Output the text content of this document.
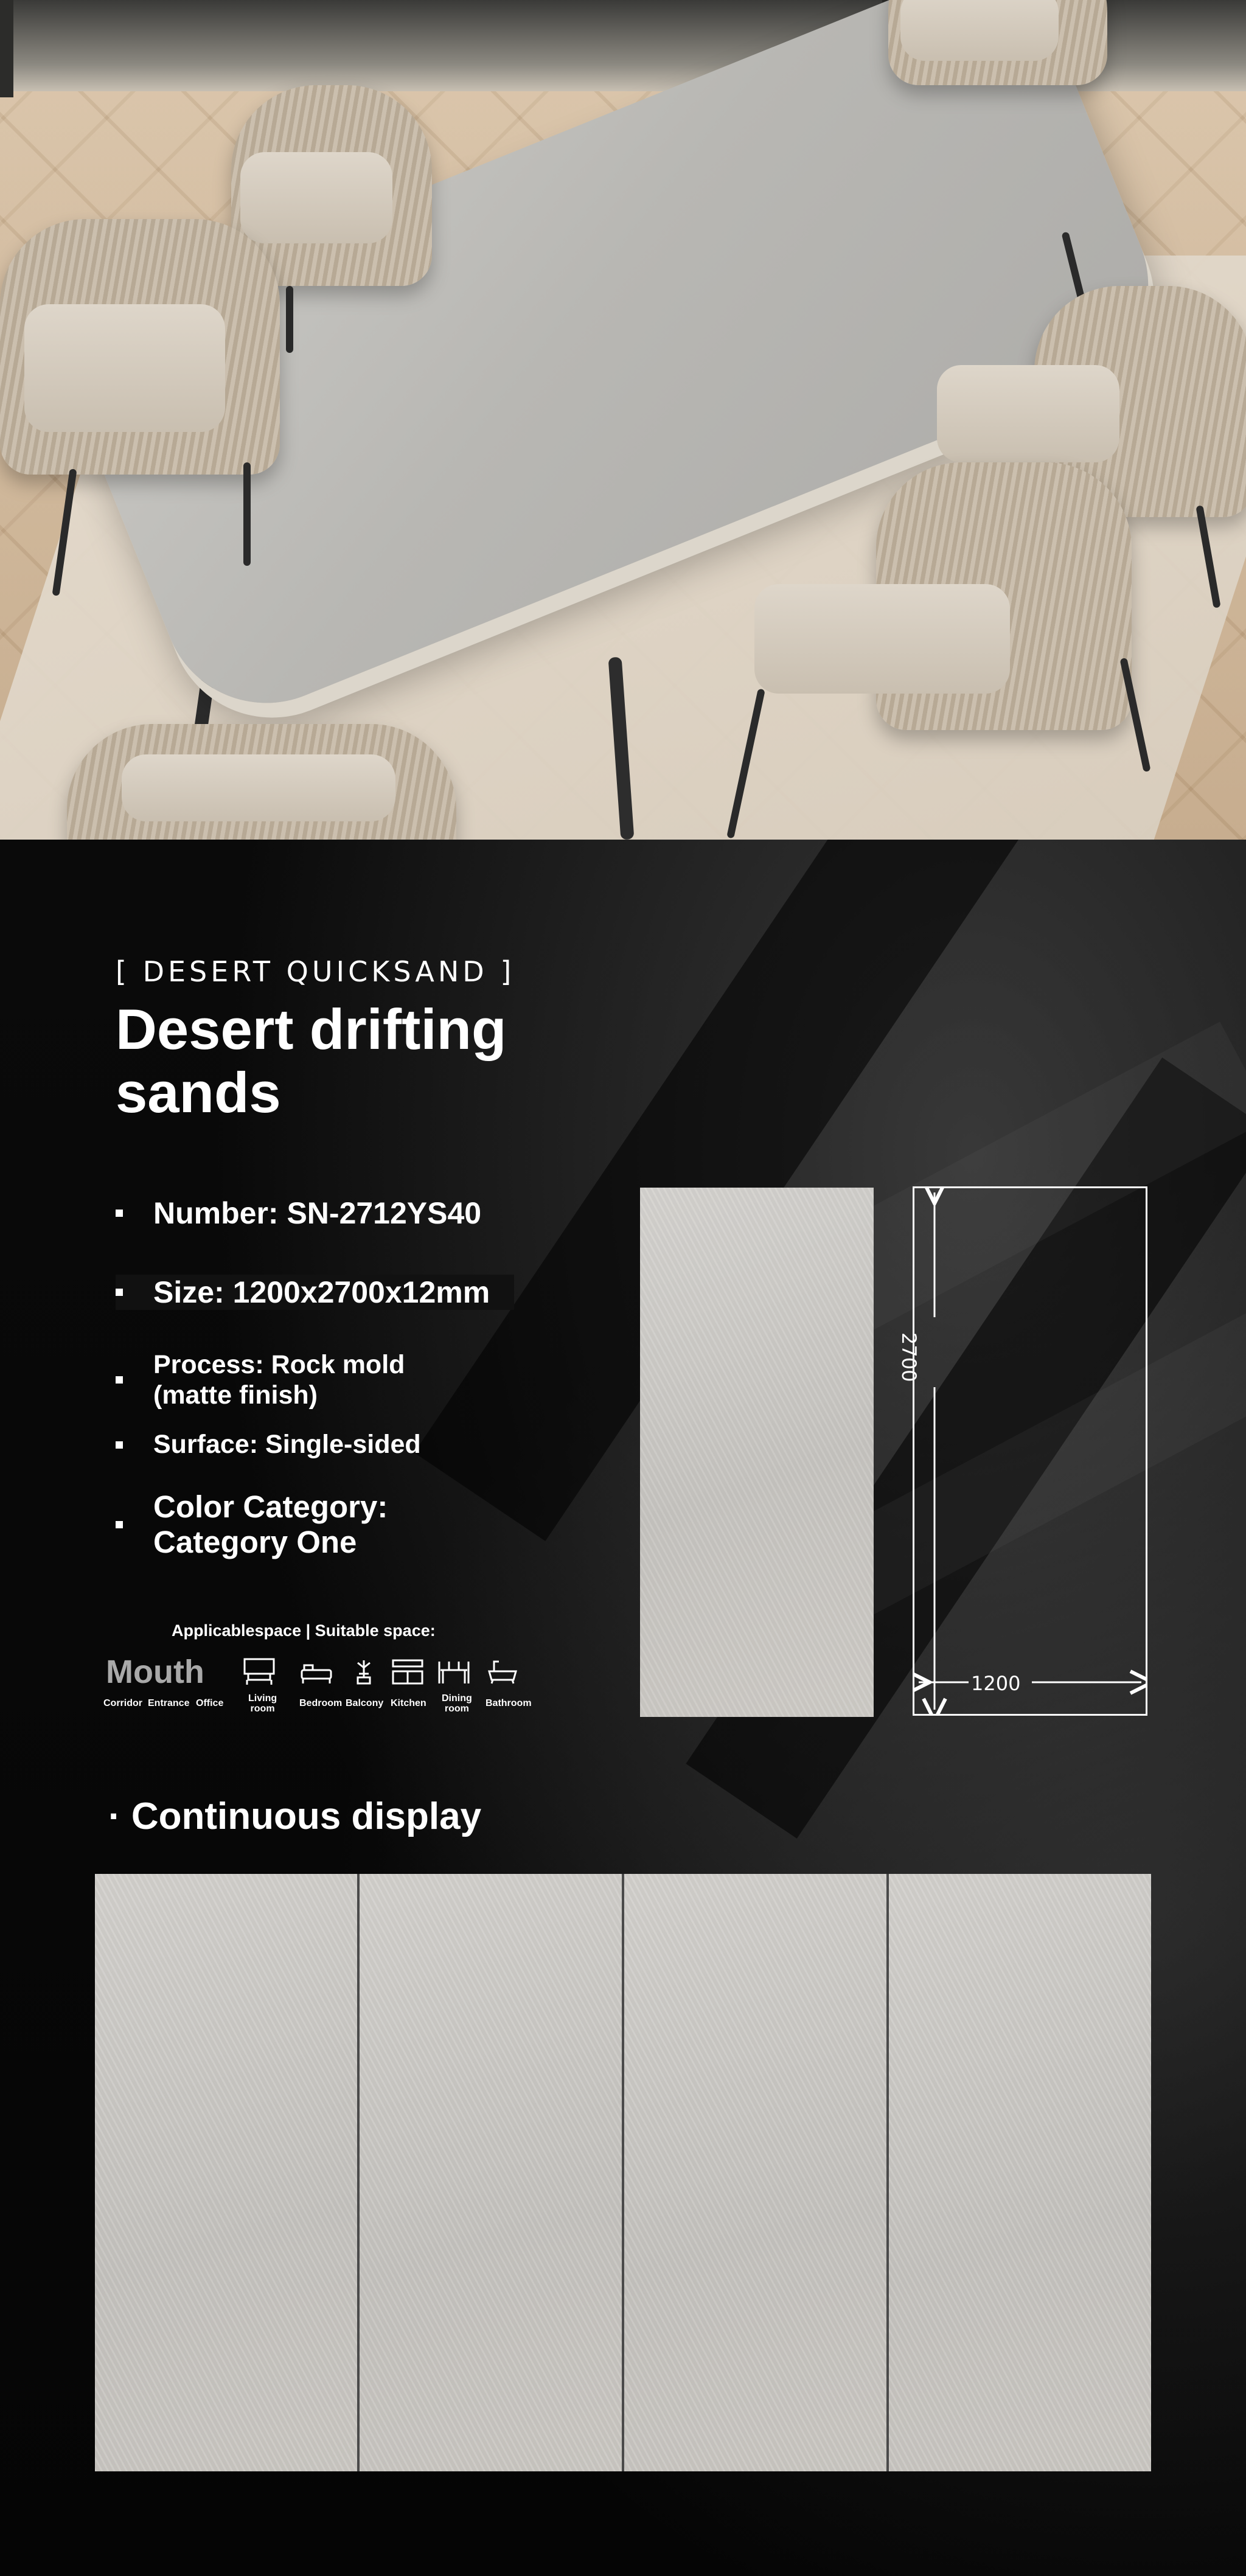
[ DESERT QUICKSAND ]
Desert drifting sands
Number: SN-2712YS40
Size: 1200x2700x12mm
Process: Rock mold
(matte finish)
Surface: Single-sided
Color Category:
Category One
Applicablespace | Suitable space:
Mouth
Corridor Entrance Office	Living
room
Bedroom Balcony Kitchen Dining
room
Bathroom
2700
1200
· Continuous display
